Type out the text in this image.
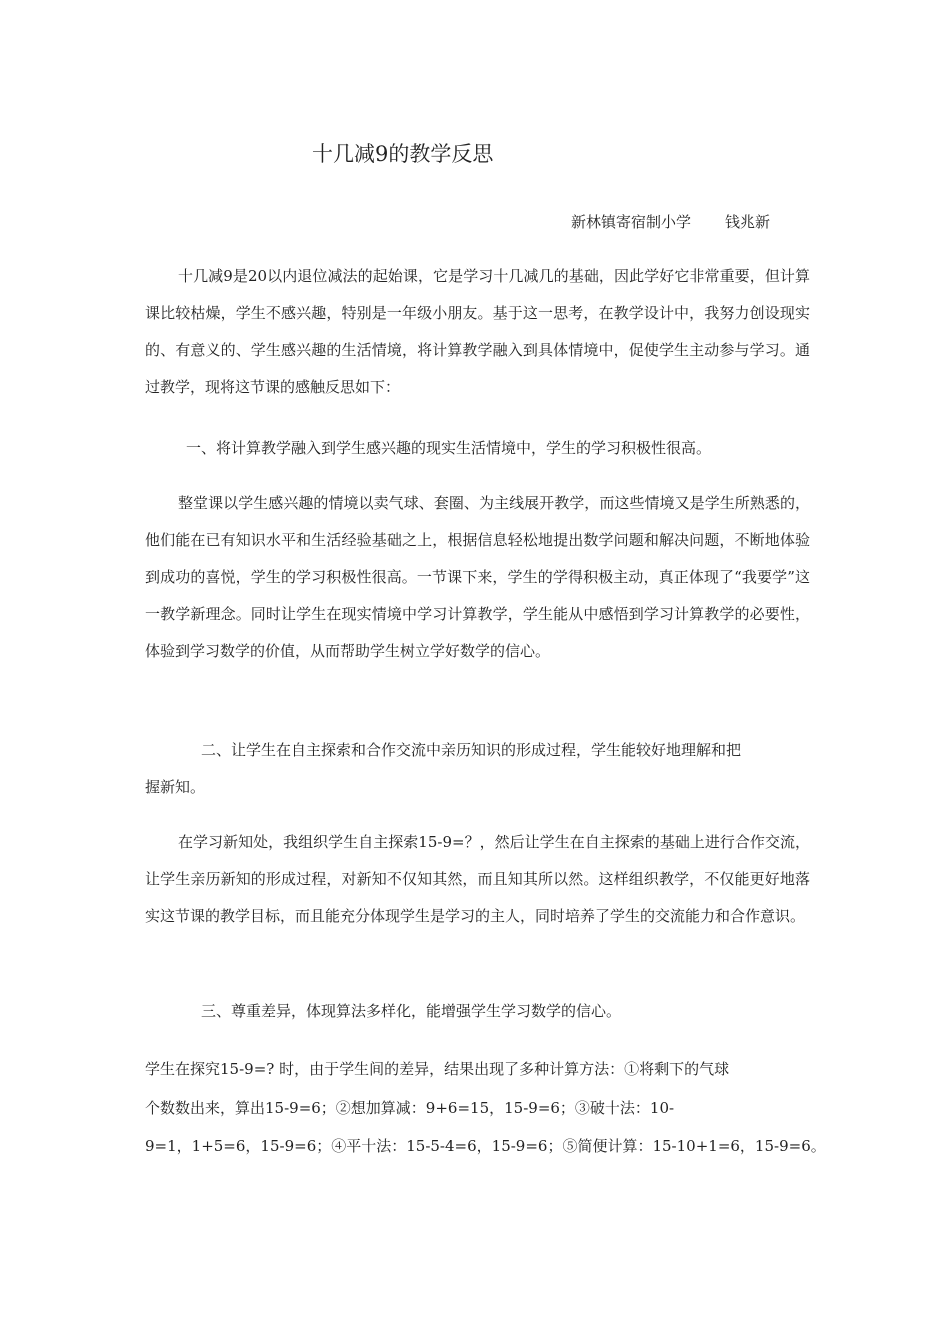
十几减9的教学反思
新林镇寄宿制小学 钱兆新

十几减9是20以内退位减法的起始课，它是学习十几减几的基础，因此学好它非常重要，但计算课比较枯燥，学生不感兴趣，特别是一年级小朋友。基于这一思考，在教学设计中，我努力创设现实的、有意义的、学生感兴趣的生活情境，将计算教学融入到具体情境中，促使学生主动参与学习。通过教学，现将这节课的感触反思如下：

一、将计算教学融入到学生感兴趣的现实生活情境中，学生的学习积极性很高。

整堂课以学生感兴趣的情境以卖气球、套圈、为主线展开教学，而这些情境又是学生所熟悉的，他们能在已有知识水平和生活经验基础之上，根据信息轻松地提出数学问题和解决问题，不断地体验到成功的喜悦，学生的学习积极性很高。一节课下来，学生的学得积极主动，真正体现了“我要学”这一教学新理念。同时让学生在现实情境中学习计算教学，学生能从中感悟到学习计算教学的必要性，体验到学习数学的价值，从而帮助学生树立学好数学的信心。

二、让学生在自主探索和合作交流中亲历知识的形成过程，学生能较好地理解和把
握新知。

在学习新知处，我组织学生自主探索15-9=？，然后让学生在自主探索的基础上进行合作交流，让学生亲历新知的形成过程，对新知不仅知其然，而且知其所以然。这样组织教学，不仅能更好地落实这节课的教学目标，而且能充分体现学生是学习的主人，同时培养了学生的交流能力和合作意识。

三、尊重差异，体现算法多样化，能增强学生学习数学的信心。
学生在探究15-9=? 时，由于学生间的差异，结果出现了多种计算方法：①将剩下的气球
个数数出来，算出15-9=6；②想加算减：9+6=15，15-9=6；③破十法：10-
9=1，1+5=6，15-9=6；④平十法：15-5-4=6，15-9=6；⑤简便计算：15-10+1=6，15-9=6。
